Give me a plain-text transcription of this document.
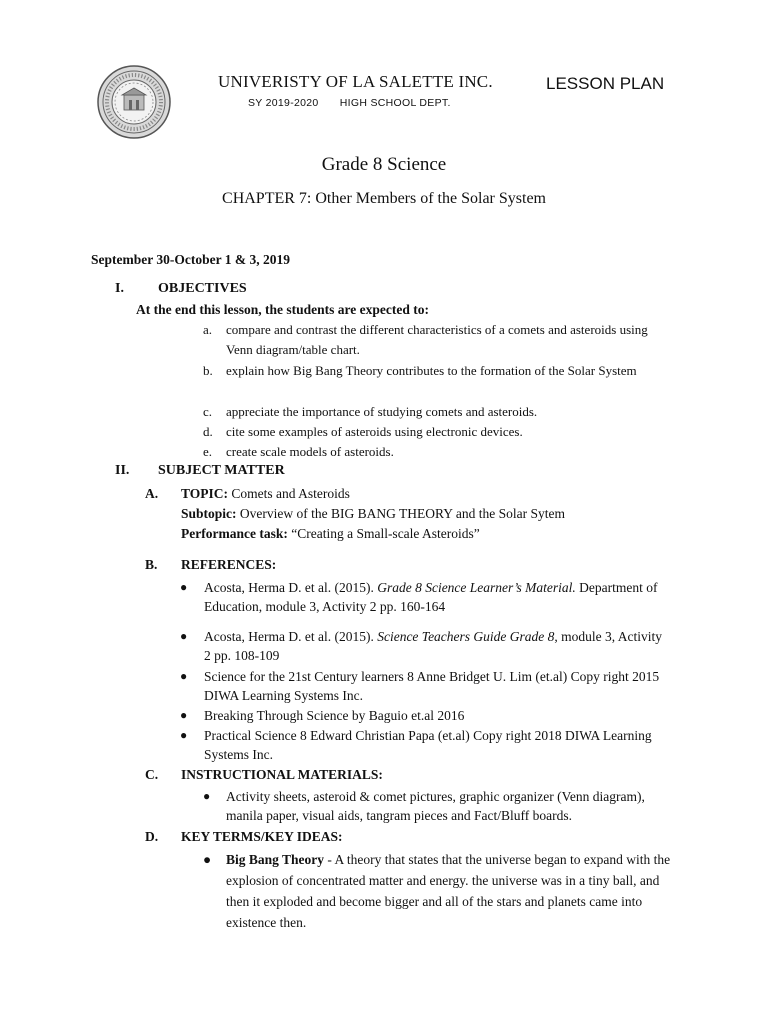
UNIVERISTY OF LA SALETTE INC.
SY 2019-2020 HIGH SCHOOL DEPT.
LESSON PLAN
Grade 8 Science
CHAPTER 7: Other Members of the Solar System
September 30-October 1 & 3, 2019
I. OBJECTIVES
At the end this lesson, the students are expected to:
a.	compare and contrast the different characteristics of a comets and asteroids using Venn diagram/table chart.
b.	explain how Big Bang Theory contributes to the formation of the Solar System
c.	appreciate the importance of studying comets and asteroids.
d.	cite some examples of asteroids using electronic devices.
e.	create scale models of asteroids.
II. SUBJECT MATTER
A. TOPIC: Comets and Asteroids
Subtopic: Overview of the BIG BANG THEORY and the Solar Sytem
Performance task: “Creating a Small-scale Asteroids”
B. REFERENCES:
● Acosta, Herma D. et al. (2015). Grade 8 Science Learner’s Material. Department of Education, module 3, Activity 2 pp. 160-164
● Acosta, Herma D. et al. (2015). Science Teachers Guide Grade 8, module 3, Activity 2 pp. 108-109
● Science for the 21st Century learners 8 Anne Bridget U. Lim (et.al) Copy right 2015 DIWA Learning Systems Inc.
● Breaking Through Science by Baguio et.al 2016
● Practical Science 8 Edward Christian Papa (et.al) Copy right 2018 DIWA Learning Systems Inc.
C. INSTRUCTIONAL MATERIALS:
● Activity sheets, asteroid & comet pictures, graphic organizer (Venn diagram), manila paper, visual aids, tangram pieces and Fact/Bluff boards.
D. KEY TERMS/KEY IDEAS:
● Big Bang Theory - A theory that states that the universe began to expand with the explosion of concentrated matter and energy. the universe was in a tiny ball, and then it exploded and become bigger and all of the stars and planets came into existence then.
